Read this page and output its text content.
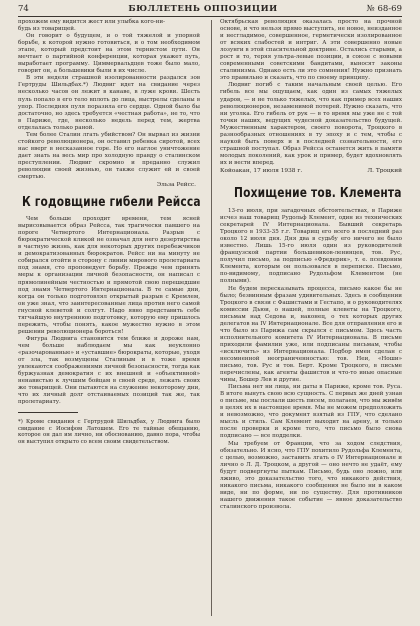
74	БЮЛЛЕТЕНЬ ОППОЗИЦИИ	№ 68-69

прохожем ему видится жест или улыбка когo-ни-

будь из товарищей.

Он говорит о будущем, и о той тяжелой и упорной борьбе, к которой нужно готовиться, и о том необходимом этапе, который предстоит на этом тернистом пути. Он мечтает о партийной конференции, которая укажет путь, выработает программу. Циммервальдцев тоже было мало, говорит он, а большевики были в их числе.

В эти недели страшной изолированности раздался зов Гертруды Шильдбах.*) Людвиг идет на свидание через несколько часов он лежит в канаве, в луже крови. Шесть пуль попало в его тело вплоть до лица, выстрелы сделаны в упор. Последняя пуля поразила его сердце. Одной было бы достаточно, но здесь требуется «честная работа», не то, что в Париже, где, несколько недель перед тем, жертва отделалась только раной.

Тем более Сталин лгать убийством? Он вырвал из жизни стойкого революционера, он оставил ребенка сиротой, всех нас вверг в несказанное горе. Но его наглое уничтожение дает знать на весь мир про холодную правду о сталинском преступлении. Людвиг скромно и преданно служил революции своей жизнью, он также служит ей и своей смертью.

Эльза Рейсс.
К годовщине гибели Рейсса

Чем больше проходит времени, тем ясней вырисовывается образ Рейсса, так трагически павшего на пороге Четвертого Интернационала. Разрыв с бюрократической кликой не означал для него дезертирства в частную жизнь, как для некоторых других перебежчиков и демократизованных бюрократов. Рейсс ни на минуту не собирался отойти в сторону с линии мирового пролетариата под знамя, сто проповедует борьбу. Прежде чем принять меры к организации личной безопасности, он написал с прямолинейным честностью и прямотой свою перешедшие под знамя Четвертого Интернационала. В те самые дни, когда он только подготовлял открытый разрыв с Кремлем, он уже знал, что заинтересованные лица против него самой гнусной клеветой и солгут. Надо явно представить себе тягчайшую внутреннюю подготовку, которую ему пришлось пережить, чтобы понять, какое мужество нужно в этом решении революционера бороться!

Фигура Людвига становится тем ближе и дороже нам, чем больше наблюдаем мы как неуклонно «разочарованные» и «уставшие» бюрократы, которые, уходя от зла, так возмущены Сталиным и в тоже время увлекаются соображениями личной безопасности, тогда как буржуазная демократия с их внешней и «объективной» ненавистью к лучшим бойцам в своей среде, лежать своих же товарищей. Они пытаются на служение некоторому дни, что их личный долг отстаиваемых позиций так же, так пролетариату.

*) Кроме свидания с Гертрудой Шильдбах, у Людвига было свидание с Иосифом Латошем. Его те тайные обещанию, которое он дал им лично, ни обоснованию, давно пора, чтобы он выступил открыто со всем своим свидетельством.

Октябрьская революция оказалась просто на прочной основе, и что нельзя прямо выступить, не новое, неизданное и несгладимое, совершенное, герметически изолированное от всяких слабостей и интриг. А эти совершенно новые лозунги в этой спасительной доктрине. Остались старыми, а рост и то, теряя ультра-левые позиции, в союзе с новыми современными советскими бандитами, выносят законы сталинизма. Однако есть ли это сомнения! Нужно признать это правильно и сказать, что по своему принципу.

Людвиг погиб с таким начальным своей целью. Его гибель все мы ощущаем, как один из самых тяжелых ударов, — и не только тяжелых, что как пример всех наших революционеров, незаменимой потерей. Нужно сказать, что ни уголка. Его гибель от рук — в то время мы уже не с той точки наших, ведущих чудесной доказательство будущей. Мужественным характером, своего поворота, Троцкого в разнообразных отношениях в ту эпоху и с тем, чтобы с наукой быть поверх и в последней сознательности, его страшной поступал. Образ Рейсса останется жить в памяти молодых поколений, как урок и пример, будет вдохновлять их и вести вперед.

Койоакан, 17 июля 1938 г.	Л. Троцкий
Похищение тов. Клемента

13-го июля, при загадочных обстоятельствах, в Париже исчез наш товарищ Рудольф Клемент, один из технических секретарей IV Интернационала. Бывший секретарь Троцкого в 1933-35 г.г. Товарищ его всего в последний раз около 12 июля дня. Дня два в судьбу его ничего не было известно. Лишь 15-го июля один из руководителей французской партии большевиков-ленинцев, тов. Рус, получил письмо, за подписью «Фредерик», т. е. псевдоним Клемента, которым он пользовался в переписке. Письмо, по-видимому, подписано Рудольфом Клементом (не полными).

Не будем пересказывать процесса, письмо какое бы не было; безвинным фразам удивительных. Здесь в сообщении Троцкого в связи с Фашистами и Гестапо, и о руководителях комиссии Дьюи, о нашей, полные клеветы на Троцкого, письмам над Седова и, наконец, о тех которых других делегатов на IV Интернационале. Все для отправления его и что было из Парижа сам скрылся с письмом. Здесь часть исполнительного комитета IV Интернационала. В письме приходили фамилии уже, или подписаны письмам, чтобы «исключить» из Интернационала. Подбор имен сделан с несомненной неограниченностью: тов. Неи, «Ноши» письмо, тов. Рус и тов. Берт. Кроме Троцкого, в письме перечислены, как агенты фашистов и что-то иные опасные чины, Бошер Лев и другие.

Письма нет ни лица, ни даты в Париже, кроме тов. Руса. В итоге вынуть свою всю сущность. С первых же дней узнав о письме, мы послали шесть писем, полагаем, что мы живём в целях их в настоящее время. Мы не можем предположить и невозможно, что документ взятый из ГПУ, что сделано мысль и стиль. Сам Клемент выходит на арену, и только после проверки и кроме того, что письмо было снова подписано — все подделки.

Мы требуем от Франции, что за ходом следствия, обязательно. И ясно, что ГПУ похитило Рудольфа Клемента, с целью, возможно, заставить лгать о IV Интернационале и лично о Л. Д. Троцком, а другой — оно нечто не удаёт, ему будут подвергнуты пыткам. Письмо, будь оно ложно, или лживо, это доказательство того, что никакого действия, никакого письма, никакого сообщения не было ни в каком виде, ни по форме, ни по существу. Для противников нашего движения такое событие — явное доказательство сталинского произвола.
